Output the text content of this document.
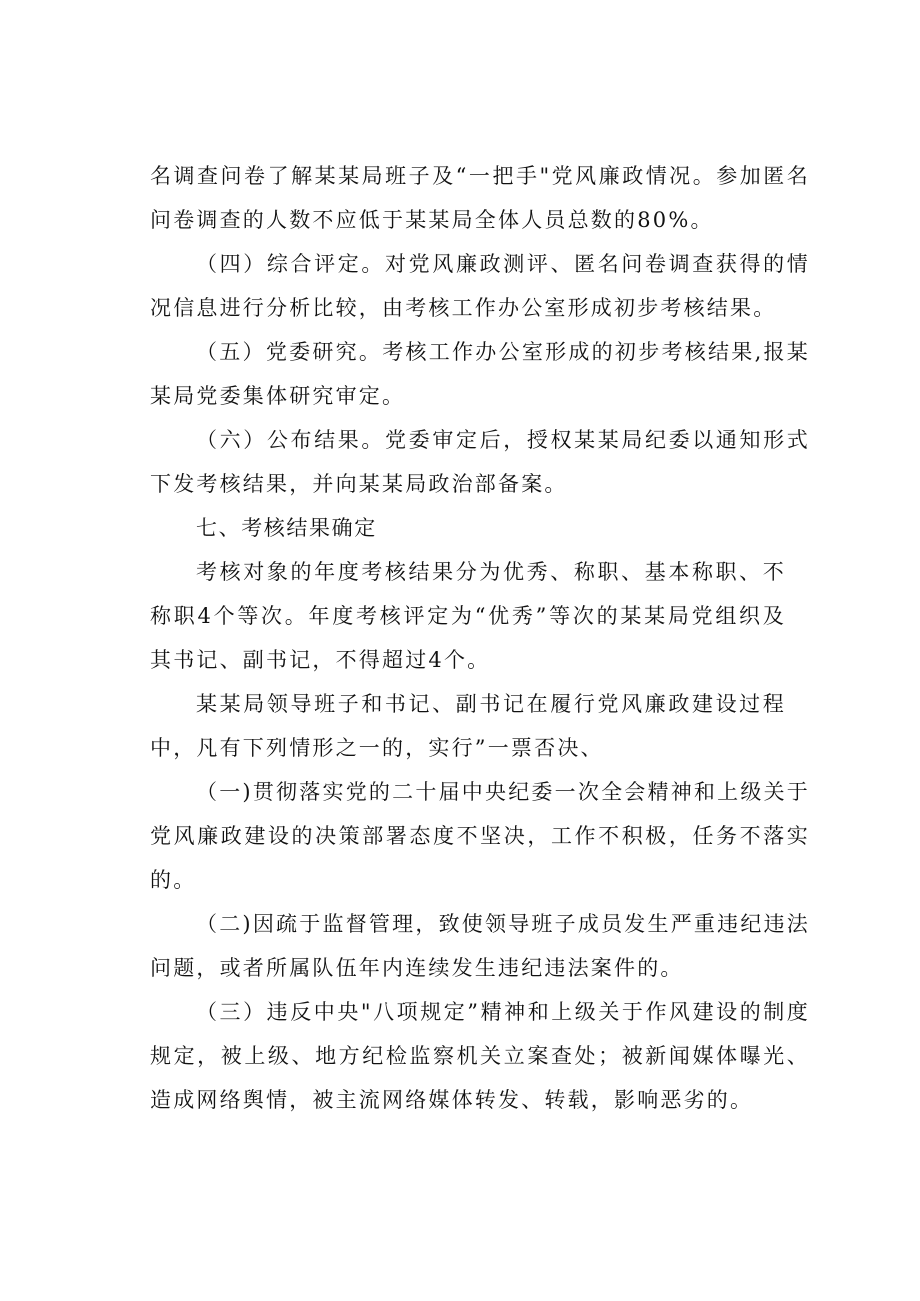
名调查问卷了解某某局班子及“一把手"党风廉政情况。参加匿名问卷调查的人数不应低于某某局全体人员总数的80%。

（四）综合评定。对党风廉政测评、匿名问卷调查获得的情况信息进行分析比较，由考核工作办公室形成初步考核结果。

（五）党委研究。考核工作办公室形成的初步考核结果,报某某局党委集体研究审定。

（六）公布结果。党委审定后，授权某某局纪委以通知形式下发考核结果，并向某某局政治部备案。

七、考核结果确定

考核对象的年度考核结果分为优秀、称职、基本称职、不称职4个等次。年度考核评定为“优秀”等次的某某局党组织及其书记、副书记，不得超过4个。

某某局领导班子和书记、副书记在履行党风廉政建设过程中，凡有下列情形之一的，实行”一票否决、

（一)贯彻落实党的二十届中央纪委一次全会精神和上级关于党风廉政建设的决策部署态度不坚决，工作不积极，任务不落实的。

（二)因疏于监督管理，致使领导班子成员发生严重违纪违法问题，或者所属队伍年内连续发生违纪违法案件的。

（三）违反中央"八项规定”精神和上级关于作风建设的制度规定，被上级、地方纪检监察机关立案查处；被新闻媒体曝光、造成网络舆情，被主流网络媒体转发、转载，影响恶劣的。
